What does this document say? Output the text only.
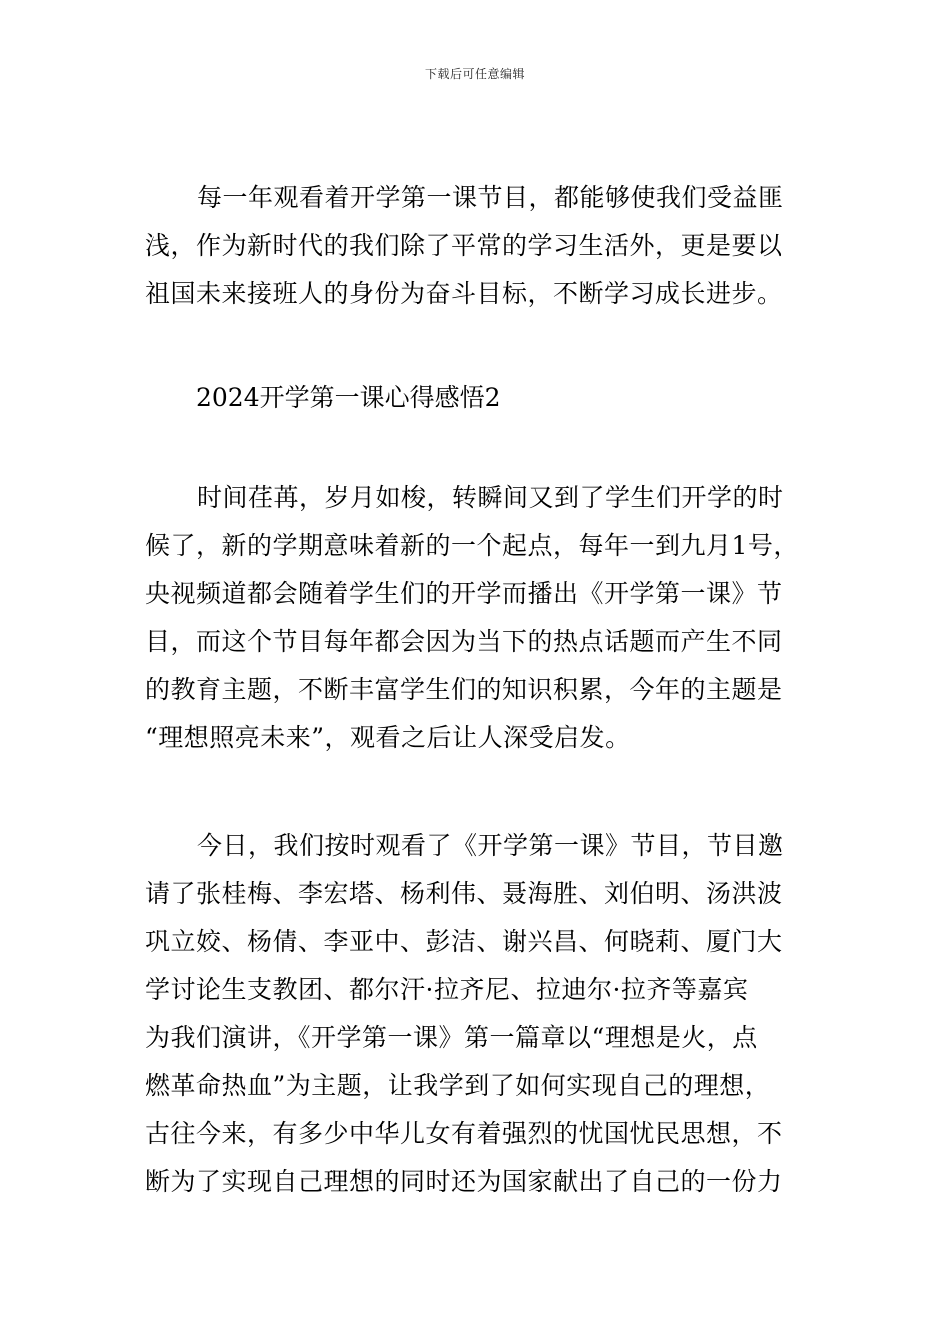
下载后可任意编辑
每一年观看着开学第一课节目，都能够使我们受益匪
浅，作为新时代的我们除了平常的学习生活外，更是要以
祖国未来接班人的身份为奋斗目标，不断学习成长进步。
2024开学第一课心得感悟2
时间荏苒，岁月如梭，转瞬间又到了学生们开学的时
候了，新的学期意味着新的一个起点，每年一到九月1号，
央视频道都会随着学生们的开学而播出《开学第一课》节
目，而这个节目每年都会因为当下的热点话题而产生不同
的教育主题，不断丰富学生们的知识积累，今年的主题是
“理想照亮未来”，观看之后让人深受启发。
今日，我们按时观看了《开学第一课》节目，节目邀
请了张桂梅、李宏塔、杨利伟、聂海胜、刘伯明、汤洪波
巩立姣、杨倩、李亚中、彭洁、谢兴昌、何晓莉、厦门大
学讨论生支教团、都尔汗·拉齐尼、拉迪尔·拉齐等嘉宾
为我们演讲，《开学第一课》第一篇章以“理想是火，点
燃革命热血”为主题，让我学到了如何实现自己的理想，
古往今来，有多少中华儿女有着强烈的忧国忧民思想，不
断为了实现自己理想的同时还为国家献出了自己的一份力
